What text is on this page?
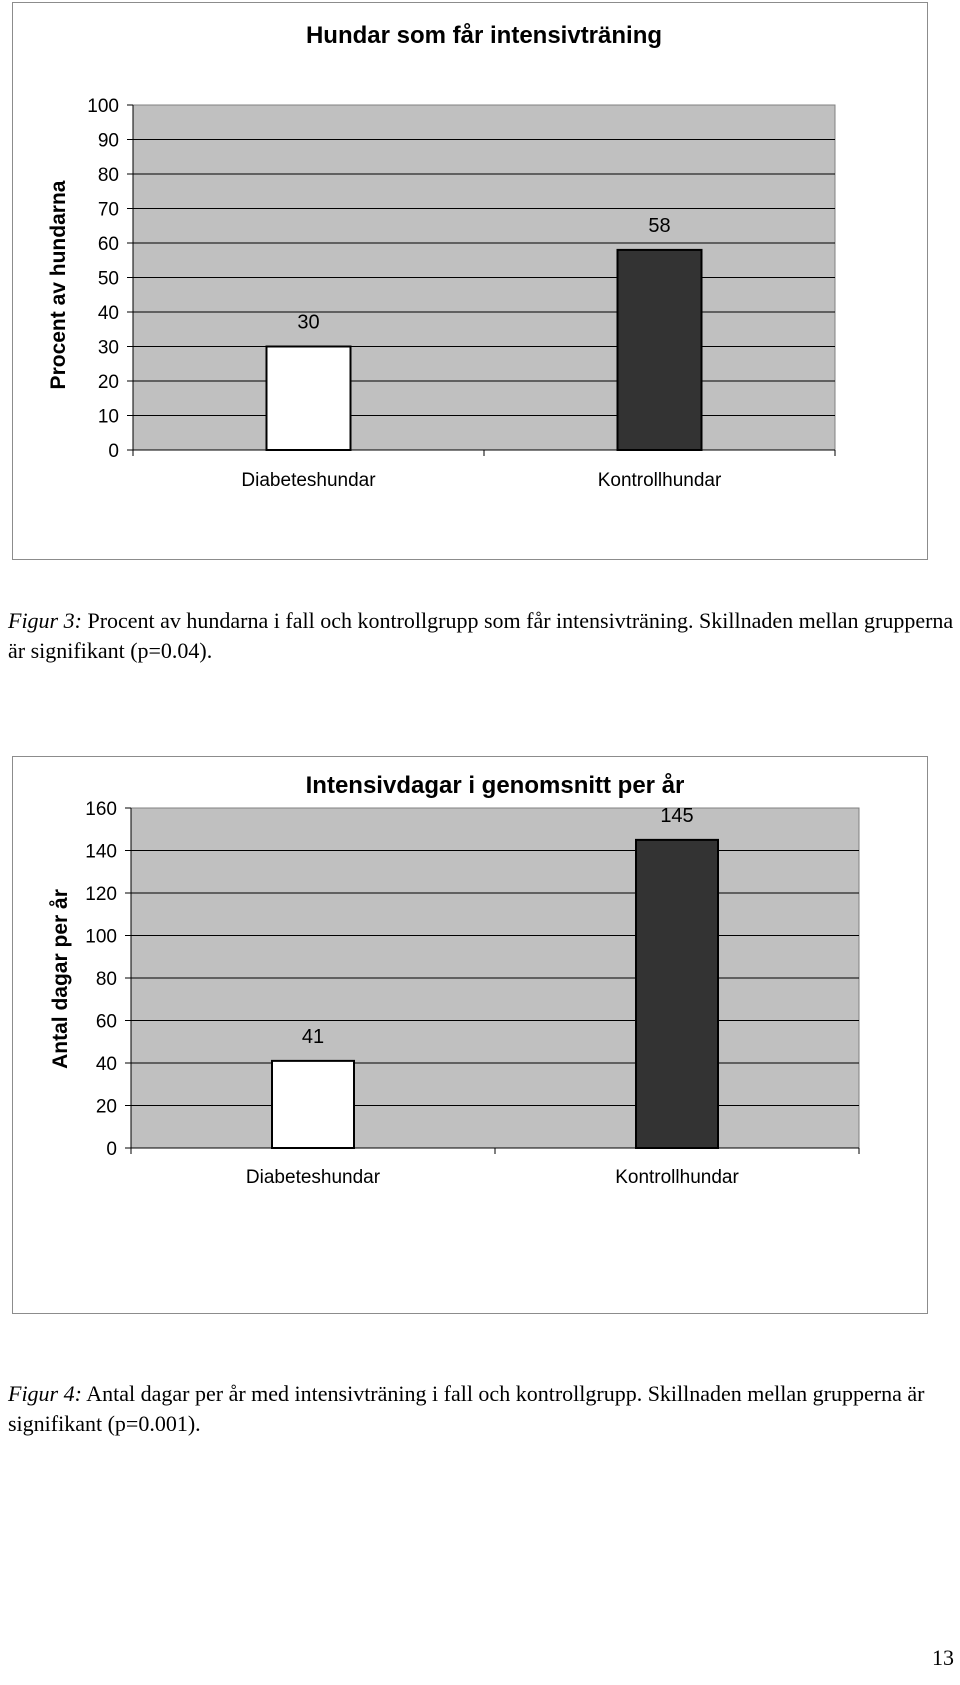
Hundar som får intensivträning
Procent av hundarna
0
10
20
30
40
50
60
70
80
90
100
30
Diabeteshundar
58
Kontrollhundar

Figur 3: Procent av hundarna i fall och kontrollgrupp som får intensivträning. Skillnaden mellan grupperna är signifikant (p=0.04).

Intensivdagar i genomsnitt per år
Antal dagar per år
0
20
40
60
80
100
120
140
160
41
Diabeteshundar
145
Kontrollhundar

Figur 4: Antal dagar per år med intensivträning i fall och kontrollgrupp. Skillnaden mellan grupperna är signifikant (p=0.001).

13
